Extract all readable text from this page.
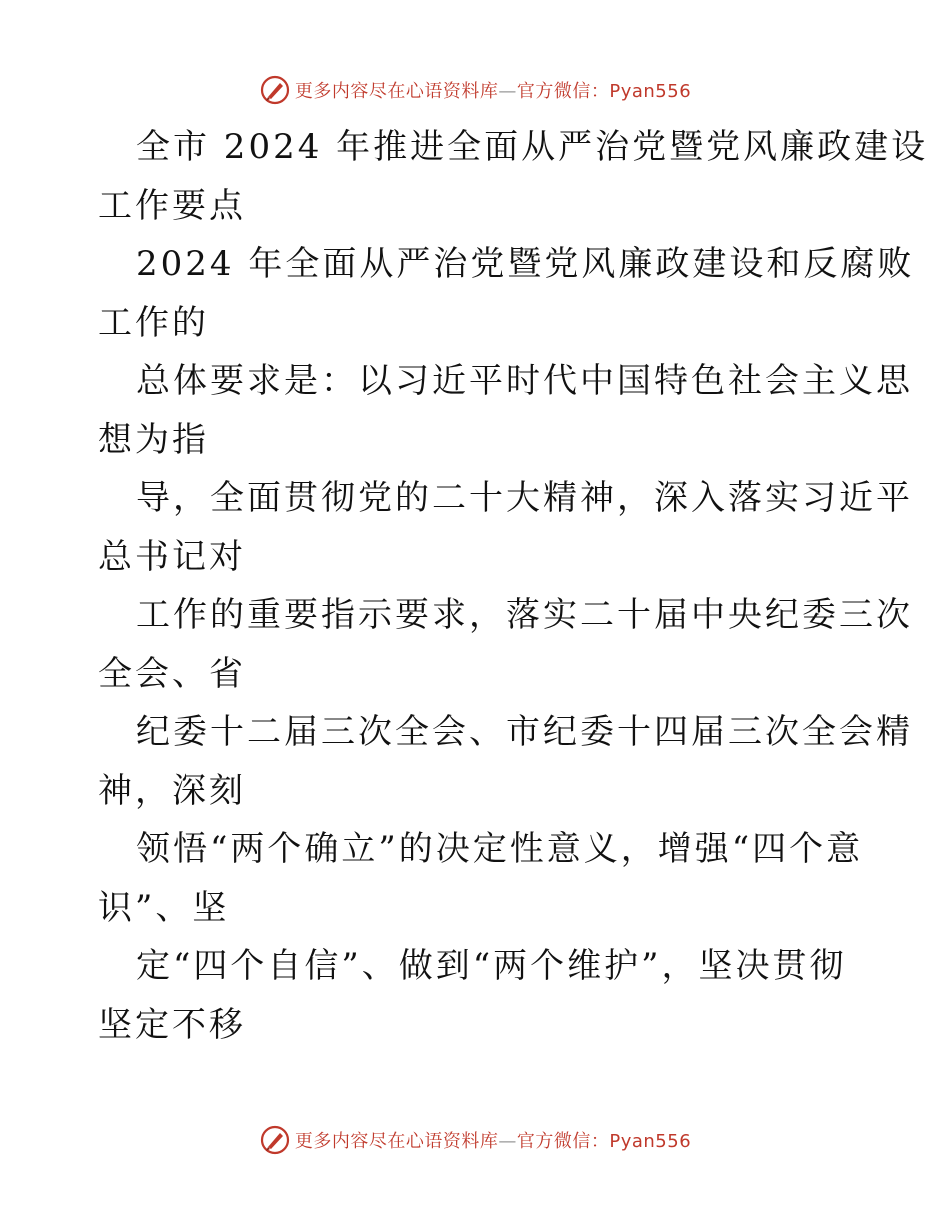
更多内容尽在心语资料库—官方微信：Pyan556
全市 2024 年推进全面从严治党暨党风廉政建设
工作要点
2024 年全面从严治党暨党风廉政建设和反腐败
工作的
总体要求是：以习近平时代中国特色社会主义思
想为指
导，全面贯彻党的二十大精神，深入落实习近平
总书记对
工作的重要指示要求，落实二十届中央纪委三次
全会、省
纪委十二届三次全会、市纪委十四届三次全会精
神，深刻
领悟“两个确立”的决定性意义，增强“四个意
识”、坚
定“四个自信”、做到“两个维护”，坚决贯彻
坚定不移
更多内容尽在心语资料库—官方微信：Pyan556
